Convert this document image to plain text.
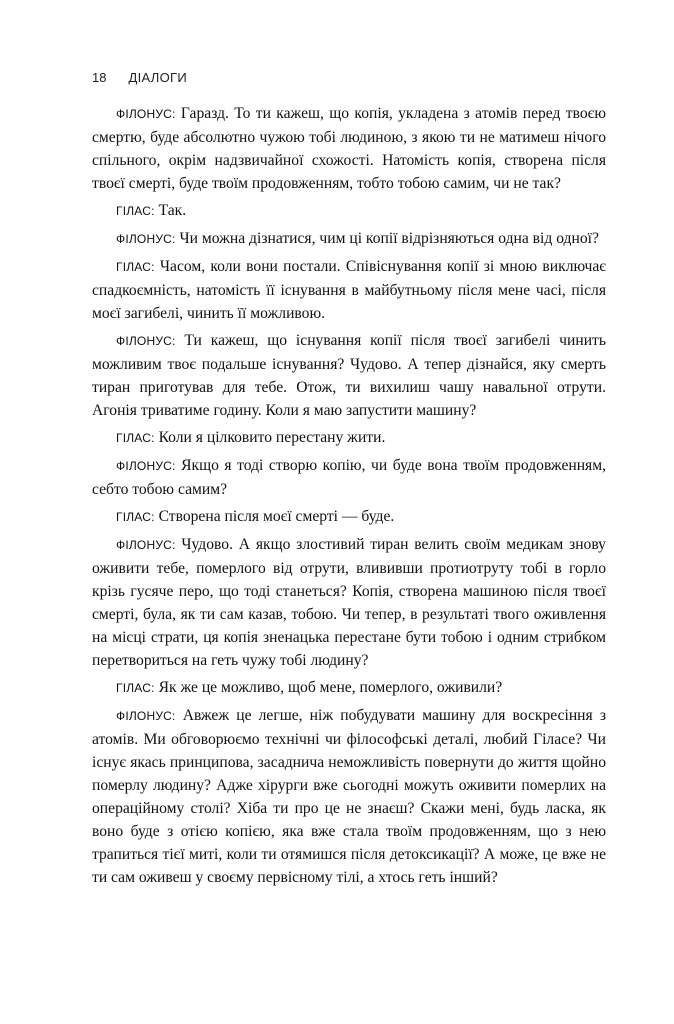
18 ДІАЛОГИ

ФІЛОНУС: Гаразд. То ти кажеш, що копія, укладена з атомів перед твоєю смертю, буде абсолютно чужою тобі людиною, з якою ти не матимеш нічого спільного, окрім надзвичайної схожості. Натомість копія, створена після твоєї смерті, буде твоїм продовженням, тобто тобою самим, чи не так?

ГІЛАС: Так.

ФІЛОНУС: Чи можна дізнатися, чим ці копії відрізняються одна від одної?

ГІЛАС: Часом, коли вони постали. Співіснування копії зі мною виключає спадкоємність, натомість її існування в майбутньому після мене часі, після моєї загибелі, чинить її можливою.

ФІЛОНУС: Ти кажеш, що існування копії після твоєї загибелі чинить можливим твоє подальше існування? Чудово. А тепер дізнайся, яку смерть тиран приготував для тебе. Отож, ти вихилиш чашу навальної отрути. Агонія триватиме годину. Коли я маю запустити машину?

ГІЛАС: Коли я цілковито перестану жити.

ФІЛОНУС: Якщо я тоді створю копію, чи буде вона твоїм продовженням, себто тобою самим?

ГІЛАС: Створена після моєї смерті — буде.

ФІЛОНУС: Чудово. А якщо злостивий тиран велить своїм медикам знову оживити тебе, померлого від отрути, влививши протиотруту тобі в горло крізь гусяче перо, що тоді станеться? Копія, створена машиною після твоєї смерті, була, як ти сам казав, тобою. Чи тепер, в результаті твого оживлення на місці страти, ця копія зненацька перестане бути тобою і одним стрибком перетвориться на геть чужу тобі людину?

ГІЛАС: Як же це можливо, щоб мене, померлого, оживили?

ФІЛОНУС: Авжеж це легше, ніж побудувати машину для воскресіння з атомів. Ми обговорюємо технічні чи філософські деталі, любий Гіласе? Чи існує якась принципова, засаднича неможливість повернути до життя щойно померлу людину? Адже хірурги вже сьогодні можуть оживити померлих на операційному столі? Хіба ти про це не знаєш? Скажи мені, будь ласка, як воно буде з отією копією, яка вже стала твоїм продовженням, що з нею трапиться тієї миті, коли ти отямишся після детоксикації? А може, це вже не ти сам оживеш у своєму первісному тілі, а хтось геть інший?
